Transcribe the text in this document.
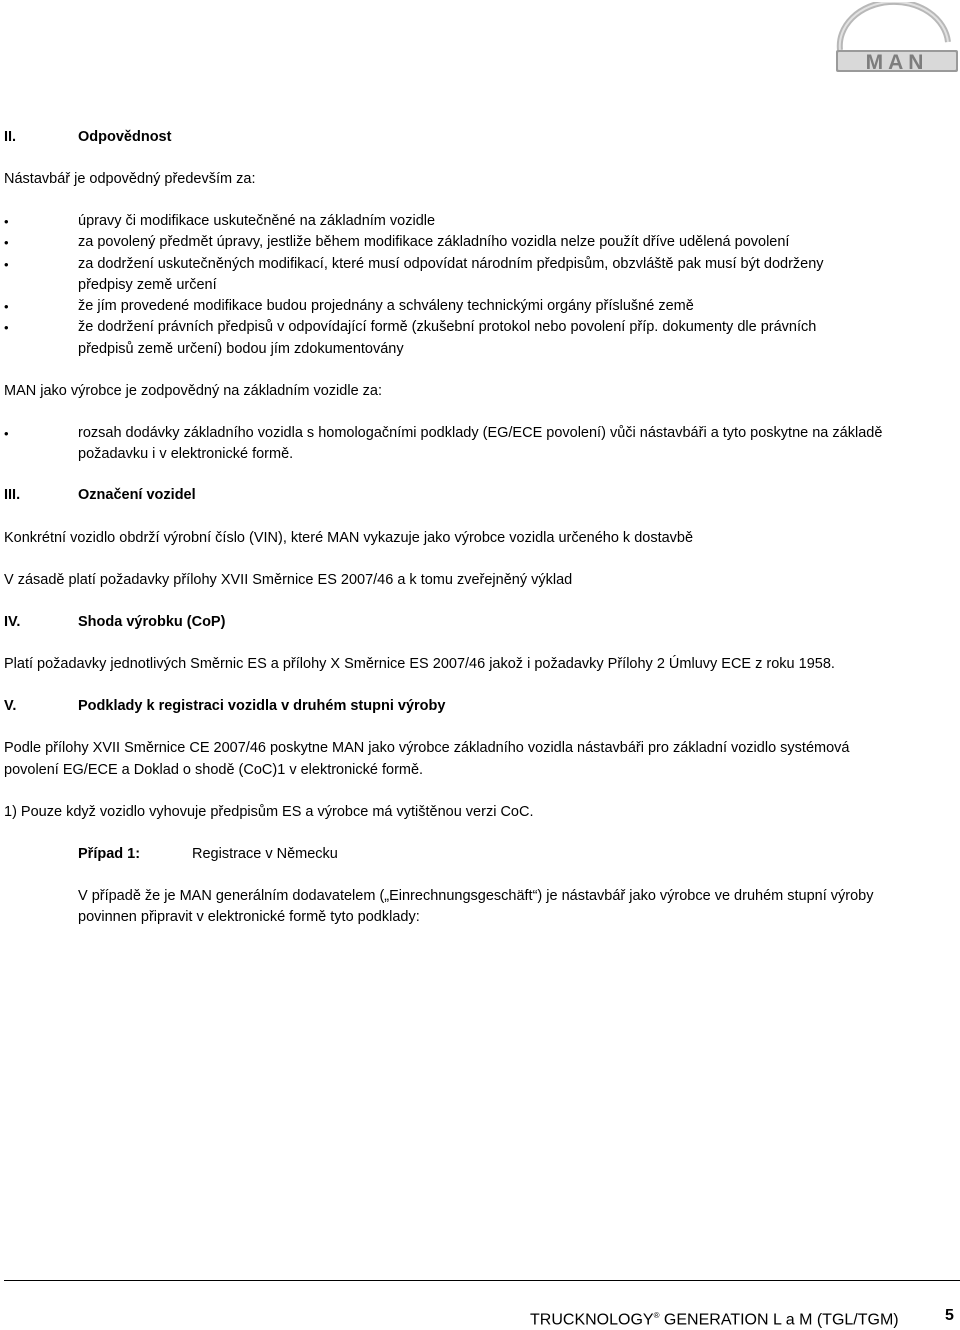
MAN
II.	Odpovědnost
Nástavbář je odpovědný především za:
•	úpravy či modifikace uskutečněné na základním vozidle
•	za povolený předmět úpravy, jestliže během modifikace základního vozidla nelze použít dříve udělená povolení
•	za dodržení uskutečněných modifikací, které musí odpovídat národním předpisům, obzvláště pak musí být dodrženy
předpisy země určení
•	že jím provedené modifikace budou projednány a schváleny technickými orgány příslušné země
•	že dodržení právních předpisů v odpovídající formě (zkušební protokol nebo povolení příp. dokumenty dle právních
předpisů země určení) bodou jím zdokumentovány
MAN jako výrobce je zodpovědný na základním vozidle za:
•	rozsah dodávky základního vozidla s homologačními podklady (EG/ECE povolení) vůči nástavbáři a tyto poskytne na základě
požadavku i v elektronické formě.
III.	Označení vozidel
Konkrétní vozidlo obdrží výrobní číslo (VIN), které MAN vykazuje jako výrobce vozidla určeného k dostavbě
V zásadě platí požadavky přílohy XVII Směrnice ES 2007/46 a k tomu zveřejněný výklad
IV.	Shoda výrobku (CoP)
Platí požadavky jednotlivých Směrnic ES a přílohy X Směrnice ES 2007/46 jakož i požadavky Přílohy 2 Úmluvy ECE z roku 1958.
V.	Podklady k registraci vozidla v druhém stupni výroby
Podle přílohy XVII Směrnice CE 2007/46 poskytne MAN jako výrobce základního vozidla nástavbáři pro základní vozidlo systémová
povolení EG/ECE a Doklad o shodě (CoC)1 v elektronické formě.
1) Pouze když vozidlo vyhovuje předpisům ES a výrobce má vytištěnou verzi CoC.
Případ 1:	Registrace v Německu
V případě že je MAN generálním dodavatelem („Einrechnungsgeschäft“) je nástavbář jako výrobce ve druhém stupní výroby
povinnen připravit v elektronické formě tyto podklady:
TRUCKNOLOGY® GENERATION L a M (TGL/TGM)	5
